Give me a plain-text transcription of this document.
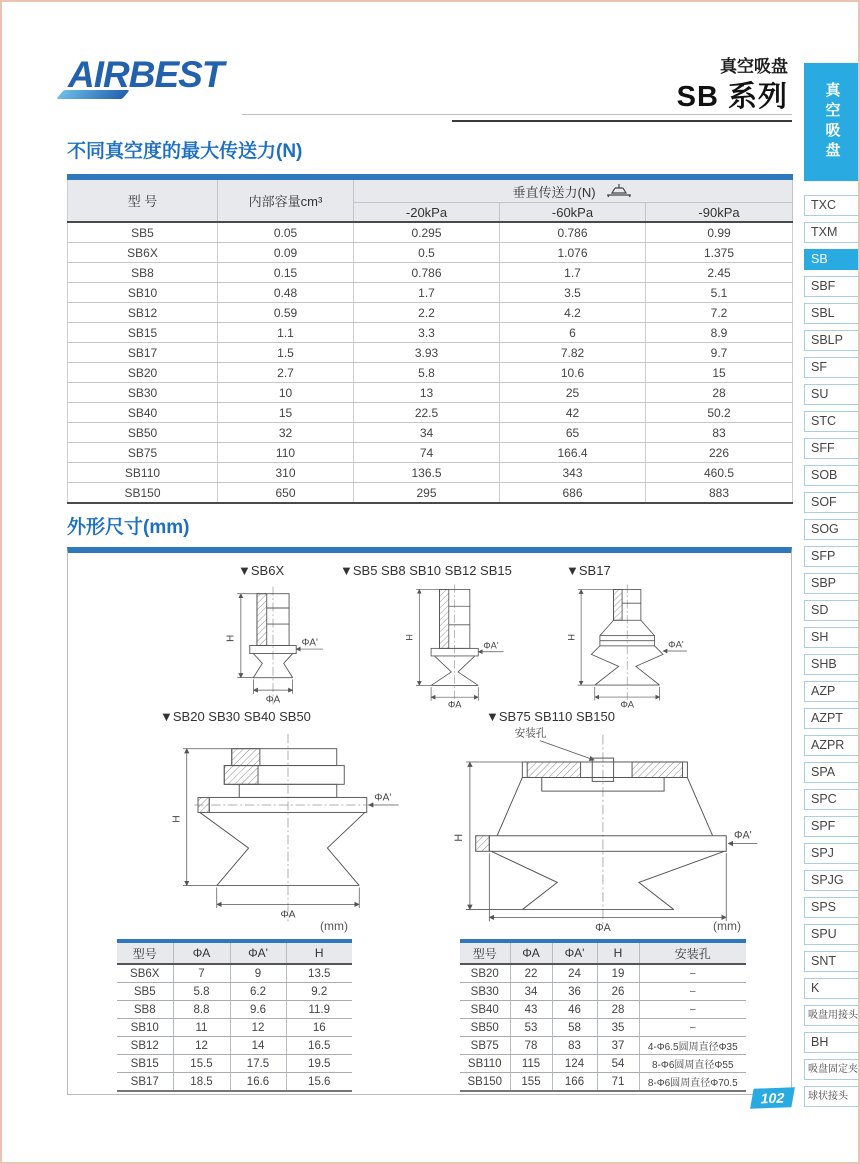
AIRBEST	真空吸盘
SB 系列
不同真空度的最大传送力(N)
型 号	内部容量cm³	垂直传送力(N)		

		-20kPa	-60kPa	-90kPa
SB5	0.05	0.295	0.786	0.99
SB6X	0.09	0.5	1.076	1.375
SB8	0.15	0.786	1.7	2.45
SB10	0.48	1.7	3.5	5.1
SB12	0.59	2.2	4.2	7.2
SB15	1.1	3.3	6	8.9
SB17	1.5	3.93	7.82	9.7
SB20	2.7	5.8	10.6	15
SB30	10	13	25	28
SB40	15	22.5	42	50.2
SB50	32	34	65	83
SB75	110	74	166.4	226
SB110	310	136.5	343	460.5
SB150	650	295	686	883
外形尺寸(mm)
▼SB6X	▼SB5 SB8 SB10 SB12 SB15	▼SB17
▼SB20 SB30 SB40 SB50	▼SB75 SB110 SB150
H	ΦA'
ΦA
H
ΦA'
ΦA
H
ΦA'
ΦA
H
ΦA'
ΦA
安装孔
H	ΦA'
ΦA
(mm)	(mm)
型号	ΦA	ΦA'	H
SB6X	7	9	13.5
SB5	5.8	6.2	9.2
SB8	8.8	9.6	11.9
SB10	11	12	16
SB12	12	14	16.5
SB15	15.5	17.5	19.5
SB17	18.5	16.6	15.6
型号	ΦA	ΦA'	H	安装孔
SB20	22	24	19	–
SB30	34	36	26	–
SB40	43	46	28	–
SB50	53	58	35	–
SB75	78	83	37	4-Φ6.5圆周直径Φ35
SB110	115	124	54	8-Φ6圆周直径Φ55
SB150	155	166	71	8-Φ6圆周直径Φ70.5
102
真空吸盘
TXC
TXM
SB
SBF
SBL
SBLP
SF
SU
STC
SFF
SOB
SOF
SOG
SFP
SBP
SD
SH
SHB
AZP
AZPT
AZPR
SPA
SPC
SPF
SPJ
SPJG
SPS
SPU
SNT
K
吸盘用接头
BH
吸盘固定夹
球状接头
